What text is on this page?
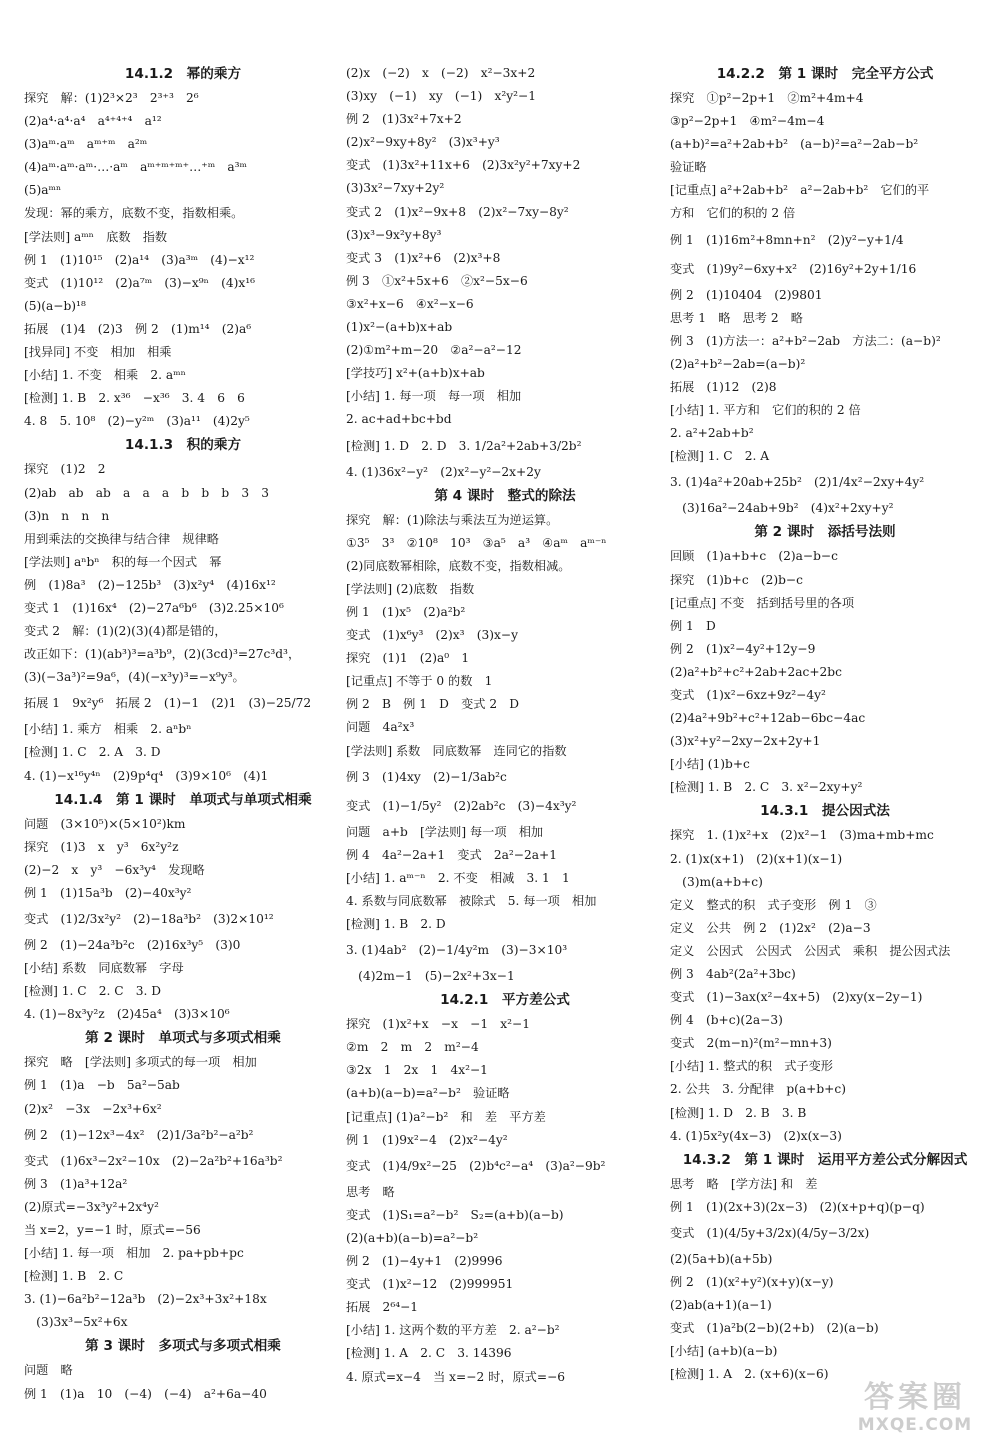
14.1.2　幂的乘方
探究　解：(1)2³×2³　2³⁺³　2⁶
(2)a⁴·a⁴·a⁴　a⁴⁺⁴⁺⁴　a¹²
(3)aᵐ·aᵐ　aᵐ⁺ᵐ　a²ᵐ
(4)aᵐ·aᵐ·aᵐ·…·aᵐ　aᵐ⁺ᵐ⁺ᵐ⁺…⁺ᵐ　a³ᵐ
(5)aᵐⁿ
发现：幂的乘方，底数不变，指数相乘。
[学法则] aᵐⁿ　底数　指数
例 1　(1)10¹⁵　(2)a¹⁴　(3)a³ᵐ　(4)−x¹²
变式　(1)10¹²　(2)a⁷ᵐ　(3)−x⁹ⁿ　(4)x¹⁶
(5)(a−b)¹⁸
拓展　(1)4　(2)3　例 2　(1)m¹⁴　(2)a⁶
[找异同] 不变　相加　相乘
[小结] 1. 不变　相乘　2. aᵐⁿ
[检测] 1. B　2. x³⁶　−x³⁶　3. 4　6　6
4. 8　5. 10⁸　(2)−y²ᵐ　(3)a¹¹　(4)2y⁵
14.1.3　积的乘方
探究　(1)2　2
(2)ab　ab　ab　a　a　a　b　b　b　3　3
(3)n　n　n　n
用到乘法的交换律与结合律　规律略
[学法则] aⁿbⁿ　积的每一个因式　幂
例　(1)8a³　(2)−125b³　(3)x²y⁴　(4)16x¹²
变式 1　(1)16x⁴　(2)−27a⁶b⁶　(3)2.25×10⁶
变式 2　解：(1)(2)(3)(4)都是错的，
改正如下：(1)(ab³)³=a³b⁹，(2)(3cd)³=27c³d³，
(3)(−3a³)²=9a⁶，(4)(−x³y)³=−x⁹y³。
拓展 1　9x²y⁶　拓展 2　(1)−1　(2)1　(3)−25/72
[小结] 1. 乘方　相乘　2. aⁿbⁿ
[检测] 1. C　2. A　3. D
4. (1)−x¹⁶y⁴ⁿ　(2)9p⁴q⁴　(3)9×10⁶　(4)1
14.1.4　第 1 课时　单项式与单项式相乘
问题　(3×10⁵)×(5×10²)km
探究　(1)3　x　y³　6x²y²z
(2)−2　x　y³　−6x³y⁴　发现略
例 1　(1)15a³b　(2)−40x³y²
变式　(1)2/3x²y²　(2)−18a³b²　(3)2×10¹²
例 2　(1)−24a³b²c　(2)16x³y⁵　(3)0
[小结] 系数　同底数幂　字母
[检测] 1. C　2. C　3. D
4. (1)−8x³y²z　(2)45a⁴　(3)3×10⁶
第 2 课时　单项式与多项式相乘
探究　略　[学法则] 多项式的每一项　相加
例 1　(1)a　−b　5a²−5ab
(2)x²　−3x　−2x³+6x²
例 2　(1)−12x³−4x²　(2)1/3a²b²−a²b²
变式　(1)6x³−2x²−10x　(2)−2a²b²+16a³b²
例 3　(1)a³+12a²
(2)原式=−3x³y²+2x⁴y²
当 x=2，y=−1 时，原式=−56
[小结] 1. 每一项　相加　2. pa+pb+pc
[检测] 1. B　2. C
3. (1)−6a²b²−12a³b　(2)−2x³+3x²+18x
　(3)3x³−5x²+6x
第 3 课时　多项式与多项式相乘
问题　略
例 1　(1)a　10　(−4)　(−4)　a²+6a−40
(2)x　(−2)　x　(−2)　x²−3x+2
(3)xy　(−1)　xy　(−1)　x²y²−1
例 2　(1)3x²+7x+2
(2)x²−9xy+8y²　(3)x³+y³
变式　(1)3x²+11x+6　(2)3x²y²+7xy+2
(3)3x²−7xy+2y²
变式 2　(1)x²−9x+8　(2)x²−7xy−8y²
(3)x³−9x²y+8y³
变式 3　(1)x²+6　(2)x³+8
例 3　①x²+5x+6　②x²−5x−6
③x²+x−6　④x²−x−6
(1)x²−(a+b)x+ab
(2)①m²+m−20　②a²−a²−12
[学技巧] x²+(a+b)x+ab
[小结] 1. 每一项　每一项　相加
2. ac+ad+bc+bd
[检测] 1. D　2. D　3. 1/2a²+2ab+3/2b²
4. (1)36x²−y²　(2)x²−y²−2x+2y
第 4 课时　整式的除法
探究　解：(1)除法与乘法互为逆运算。
①3⁵　3³　②10⁸　10³　③a⁵　a³　④aᵐ　aᵐ⁻ⁿ
(2)同底数幂相除，底数不变，指数相减。
[学法则] (2)底数　指数
例 1　(1)x⁵　(2)a²b²
变式　(1)x⁶y³　(2)x³　(3)x−y
探究　(1)1　(2)a⁰　1
[记重点] 不等于 0 的数　1
例 2　B　例 1　D　变式 2　D
问题　4a²x³
[学法则] 系数　同底数幂　连同它的指数
例 3　(1)4xy　(2)−1/3ab²c
变式　(1)−1/5y²　(2)2ab²c　(3)−4x³y²
问题　a+b　[学法则] 每一项　相加
例 4　4a²−2a+1　变式　2a²−2a+1
[小结] 1. aᵐ⁻ⁿ　2. 不变　相减　3. 1　1
4. 系数与同底数幂　被除式　5. 每一项　相加
[检测] 1. B　2. D
3. (1)4ab²　(2)−1/4y²m　(3)−3×10³
　(4)2m−1　(5)−2x²+3x−1
14.2.1　平方差公式
探究　(1)x²+x　−x　−1　x²−1
②m　2　m　2　m²−4
③2x　1　2x　1　4x²−1
(a+b)(a−b)=a²−b²　验证略
[记重点] (1)a²−b²　和　差　平方差
例 1　(1)9x²−4　(2)x²−4y²
变式　(1)4/9x²−25　(2)b⁴c²−a⁴　(3)a²−9b²
思考　略
变式　(1)S₁=a²−b²　S₂=(a+b)(a−b)
(2)(a+b)(a−b)=a²−b²
例 2　(1)−4y+1　(2)9996
变式　(1)x²−12　(2)999951
拓展　2⁶⁴−1
[小结] 1. 这两个数的平方差　2. a²−b²
[检测] 1. A　2. C　3. 14396
4. 原式=x−4　当 x=−2 时，原式=−6
14.2.2　第 1 课时　完全平方公式
探究　①p²−2p+1　②m²+4m+4
③p²−2p+1　④m²−4m−4
(a+b)²=a²+2ab+b²　(a−b)²=a²−2ab−b²
验证略
[记重点] a²+2ab+b²　a²−2ab+b²　它们的平
方和　它们的积的 2 倍
例 1　(1)16m²+8mn+n²　(2)y²−y+1/4
变式　(1)9y²−6xy+x²　(2)16y²+2y+1/16
例 2　(1)10404　(2)9801
思考 1　略　思考 2　略
例 3　(1)方法一：a²+b²−2ab　方法二：(a−b)²
(2)a²+b²−2ab=(a−b)²
拓展　(1)12　(2)8
[小结] 1. 平方和　它们的积的 2 倍
2. a²+2ab+b²
[检测] 1. C　2. A
3. (1)4a²+20ab+25b²　(2)1/4x²−2xy+4y²
　(3)16a²−24ab+9b²　(4)x²+2xy+y²
第 2 课时　添括号法则
回顾　(1)a+b+c　(2)a−b−c
探究　(1)b+c　(2)b−c
[记重点] 不变　括到括号里的各项
例 1　D
例 2　(1)x²−4y²+12y−9
(2)a²+b²+c²+2ab+2ac+2bc
变式　(1)x²−6xz+9z²−4y²
(2)4a²+9b²+c²+12ab−6bc−4ac
(3)x²+y²−2xy−2x+2y+1
[小结] (1)b+c
[检测] 1. B　2. C　3. x²−2xy+y²
14.3.1　提公因式法
探究　1. (1)x²+x　(2)x²−1　(3)ma+mb+mc
2. (1)x(x+1)　(2)(x+1)(x−1)
　(3)m(a+b+c)
定义　整式的积　式子变形　例 1　③
定义　公共　例 2　(1)2x²　(2)a−3
定义　公因式　公因式　公因式　乘积　提公因式法
例 3　4ab²(2a²+3bc)
变式　(1)−3ax(x²−4x+5)　(2)xy(x−2y−1)
例 4　(b+c)(2a−3)
变式　2(m−n)²(m²−mn+3)
[小结] 1. 整式的积　式子变形
2. 公共　3. 分配律　p(a+b+c)
[检测] 1. D　2. B　3. B
4. (1)5x²y(4x−3)　(2)x(x−3)
14.3.2　第 1 课时　运用平方差公式分解因式
思考　略　[学方法] 和　差
例 1　(1)(2x+3)(2x−3)　(2)(x+p+q)(p−q)
变式　(1)(4/5y+3/2x)(4/5y−3/2x)
(2)(5a+b)(a+5b)
例 2　(1)(x²+y²)(x+y)(x−y)
(2)ab(a+1)(a−1)
变式　(1)a²b(2−b)(2+b)　(2)(a−b)
[小结] (a+b)(a−b)
[检测] 1. A　2. (x+6)(x−6)
答案圈
MXQE.COM
